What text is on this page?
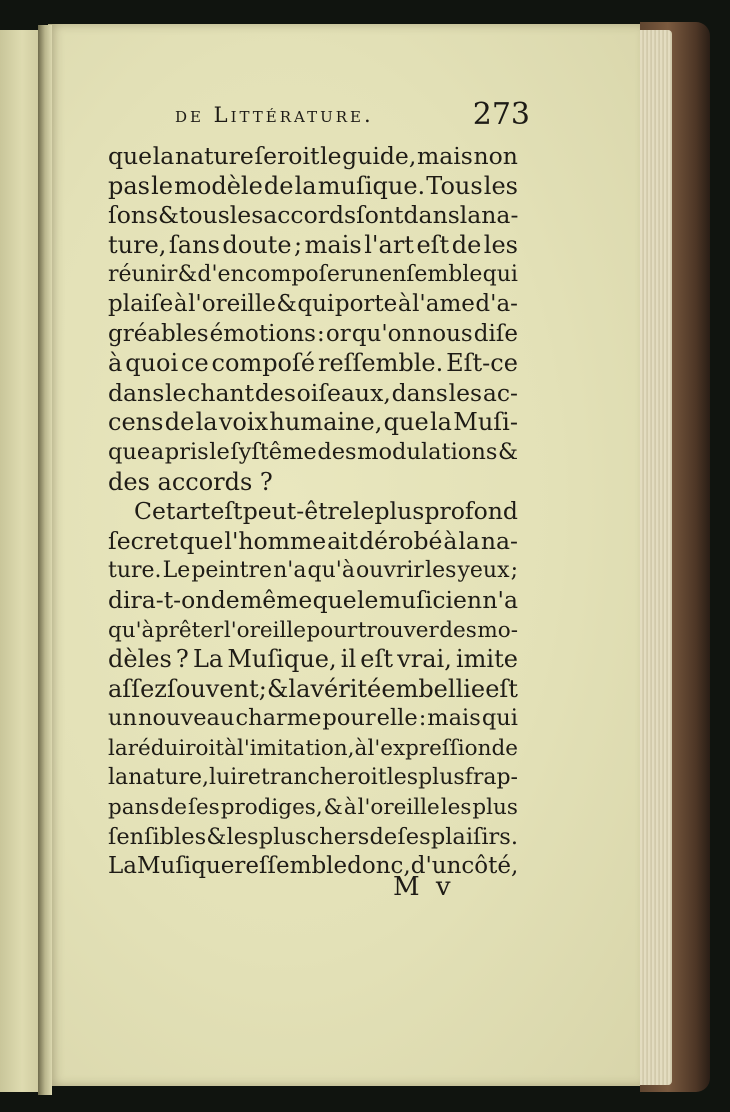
de Littérature.	273
que la nature ſeroit le guide, mais non
pas le modèle de la muſique. Tous les
ſons & tous les accords ſont dans la na-
ture, ſans doute ; mais l'art eſt de les
réunir & d'en compoſer un enſemble qui
plaiſe à l'oreille & qui porte à l'ame d'a-
gréables émotions : or qu'on nous diſe
à quoi ce compoſé reſſemble. Eſt-ce
dans le chant des oiſeaux, dans les ac-
cens de la voix humaine, que la Muſi-
que a pris le ſyſtême des modulations &
des accords ?
Cet art eſt peut-être le plus profond
ſecret que l'homme ait dérobé à la na-
ture. Le peintre n'a qu'à ouvrir les yeux ;
dira-t-on de même que le muſicien n'a
qu'à prêter l'oreille pour trouver des mo-
dèles ? La Muſique, il eſt vrai, imite
aſſez ſouvent ; & la vérité embellie eſt
un nouveau charme pour elle : mais qui
la réduiroit à l'imitation, à l'expreſſion de
la nature, lui retrancheroit les plus frap-
pans de ſes prodiges, & à l'oreille les plus
ſenſibles & les plus chers de ſes plaiſirs.
La Muſique reſſemble donc, d'un côté,
M v
